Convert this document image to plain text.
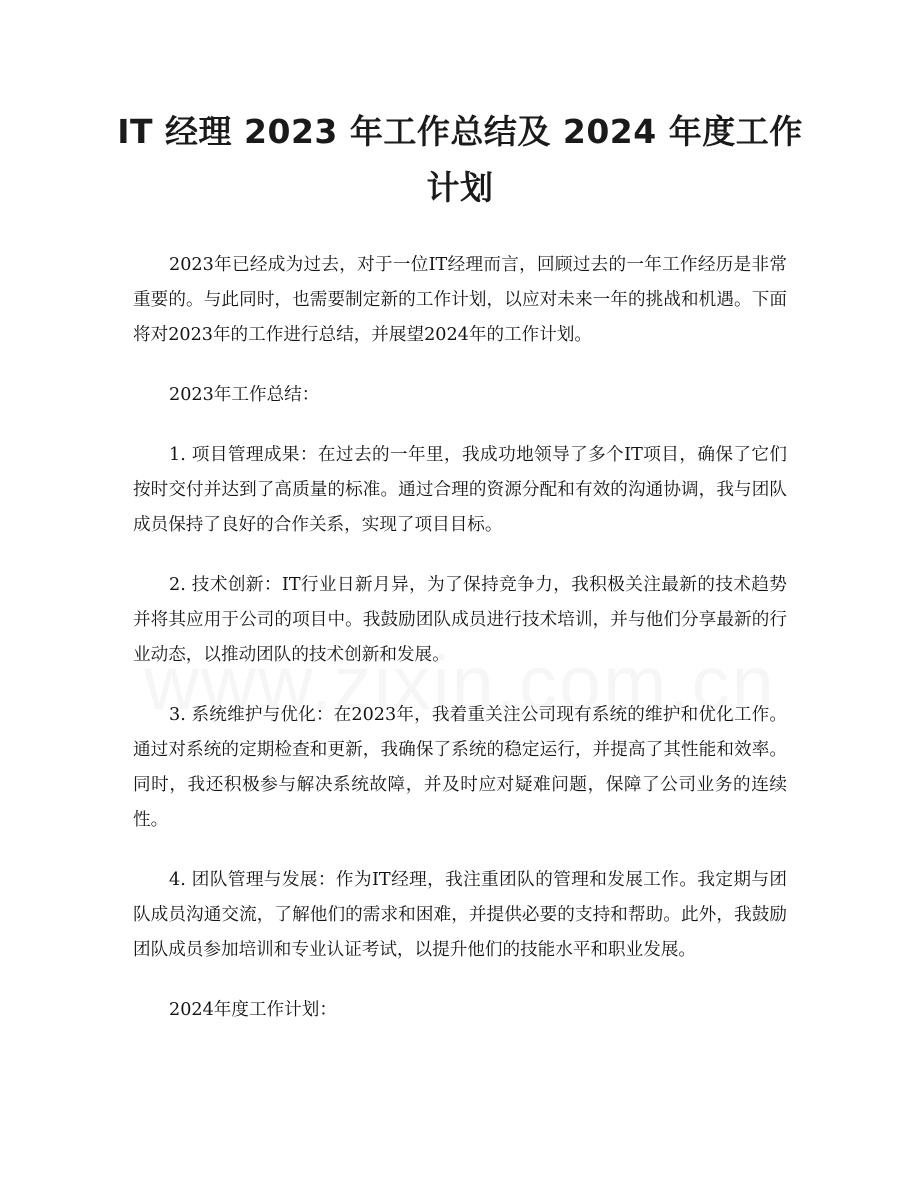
IT 经理 2023 年工作总结及 2024 年度工作计划

2023年已经成为过去，对于一位IT经理而言，回顾过去的一年工作经历是非常重要的。与此同时，也需要制定新的工作计划，以应对未来一年的挑战和机遇。下面将对2023年的工作进行总结，并展望2024年的工作计划。

2023年工作总结：

1. 项目管理成果：在过去的一年里，我成功地领导了多个IT项目，确保了它们按时交付并达到了高质量的标准。通过合理的资源分配和有效的沟通协调，我与团队成员保持了良好的合作关系，实现了项目目标。

2. 技术创新：IT行业日新月异，为了保持竞争力，我积极关注最新的技术趋势并将其应用于公司的项目中。我鼓励团队成员进行技术培训，并与他们分享最新的行业动态，以推动团队的技术创新和发展。

3. 系统维护与优化：在2023年，我着重关注公司现有系统的维护和优化工作。通过对系统的定期检查和更新，我确保了系统的稳定运行，并提高了其性能和效率。同时，我还积极参与解决系统故障，并及时应对疑难问题，保障了公司业务的连续性。

4. 团队管理与发展：作为IT经理，我注重团队的管理和发展工作。我定期与团队成员沟通交流，了解他们的需求和困难，并提供必要的支持和帮助。此外，我鼓励团队成员参加培训和专业认证考试，以提升他们的技能水平和职业发展。

2024年度工作计划：
